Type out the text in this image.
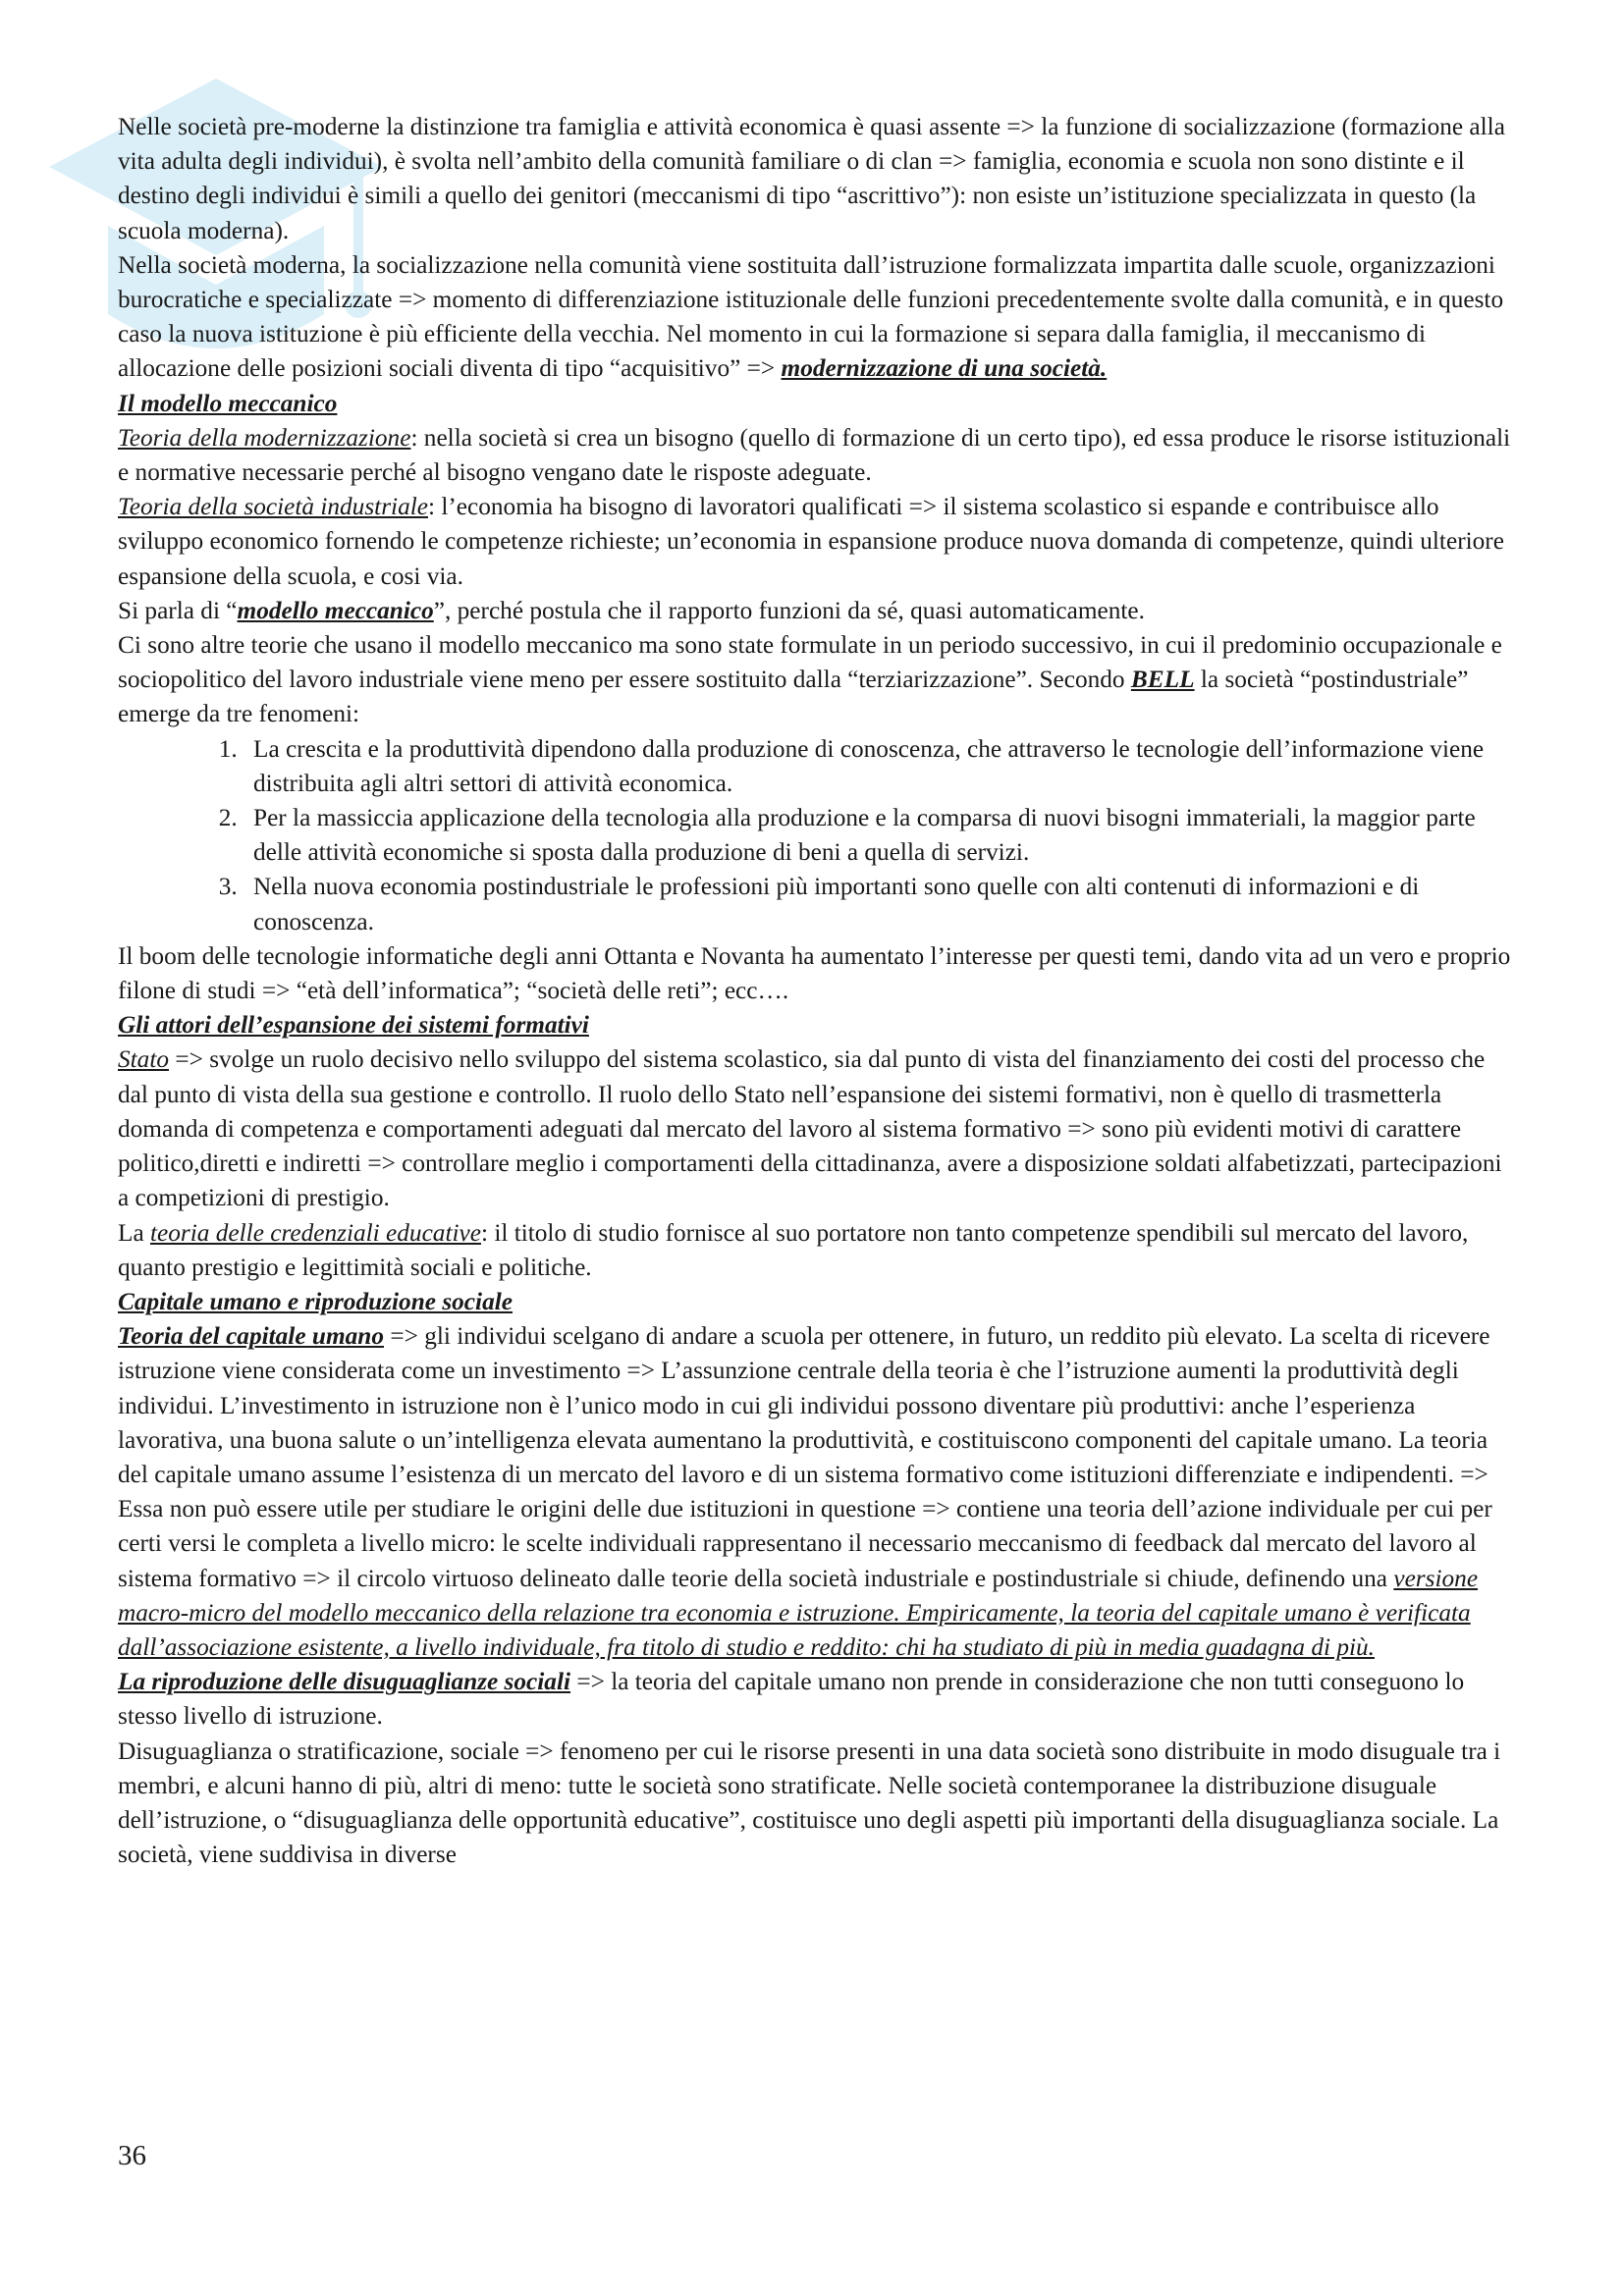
Nelle società pre-moderne la distinzione tra famiglia e attività economica è quasi assente => la funzione di socializzazione (formazione alla vita adulta degli individui), è svolta nell’ambito della comunità familiare o di clan => famiglia, economia e scuola non sono distinte e il destino degli individui è simili a quello dei genitori (meccanismi di tipo “ascrittivo”): non esiste un’istituzione specializzata in questo (la scuola moderna).

Nella società moderna, la socializzazione nella comunità viene sostituita dall’istruzione formalizzata impartita dalle scuole, organizzazioni burocratiche e specializzate => momento di differenziazione istituzionale delle funzioni precedentemente svolte dalla comunità, e in questo caso la nuova istituzione è più efficiente della vecchia. Nel momento in cui la formazione si separa dalla famiglia, il meccanismo di allocazione delle posizioni sociali diventa di tipo “acquisitivo” => modernizzazione di una società.

Il modello meccanico

Teoria della modernizzazione: nella società si crea un bisogno (quello di formazione di un certo tipo), ed essa produce le risorse istituzionali e normative necessarie perché al bisogno vengano date le risposte adeguate.

Teoria della società industriale: l’economia ha bisogno di lavoratori qualificati => il sistema scolastico si espande e contribuisce allo sviluppo economico fornendo le competenze richieste; un’economia in espansione produce nuova domanda di competenze, quindi ulteriore espansione della scuola, e cosi via.

Si parla di “modello meccanico”, perché postula che il rapporto funzioni da sé, quasi automaticamente.

Ci sono altre teorie che usano il modello meccanico ma sono state formulate in un periodo successivo, in cui il predominio occupazionale e sociopolitico del lavoro industriale viene meno per essere sostituito dalla “terziarizzazione”. Secondo BELL la società “postindustriale” emerge da tre fenomeni:

1. La crescita e la produttività dipendono dalla produzione di conoscenza, che attraverso le tecnologie dell’informazione viene distribuita agli altri settori di attività economica.
2. Per la massiccia applicazione della tecnologia alla produzione e la comparsa di nuovi bisogni immateriali, la maggior parte delle attività economiche si sposta dalla produzione di beni a quella di servizi.
3. Nella nuova economia postindustriale le professioni più importanti sono quelle con alti contenuti di informazioni e di conoscenza.

Il boom delle tecnologie informatiche degli anni Ottanta e Novanta ha aumentato l’interesse per questi temi, dando vita ad un vero e proprio filone di studi => “età dell’informatica”; “società delle reti”; ecc….

Gli attori dell’espansione dei sistemi formativi

Stato => svolge un ruolo decisivo nello sviluppo del sistema scolastico, sia dal punto di vista del finanziamento dei costi del processo che dal punto di vista della sua gestione e controllo. Il ruolo dello Stato nell’espansione dei sistemi formativi, non è quello di trasmetterla domanda di competenza e comportamenti adeguati dal mercato del lavoro al sistema formativo => sono più evidenti motivi di carattere politico,diretti e indiretti => controllare meglio i comportamenti della cittadinanza, avere a disposizione soldati alfabetizzati, partecipazioni a competizioni di prestigio.

La teoria delle credenziali educative: il titolo di studio fornisce al suo portatore non tanto competenze spendibili sul mercato del lavoro, quanto prestigio e legittimità sociali e politiche.

Capitale umano e riproduzione sociale

Teoria del capitale umano => gli individui scelgano di andare a scuola per ottenere, in futuro, un reddito più elevato. La scelta di ricevere istruzione viene considerata come un investimento => L’assunzione centrale della teoria è che l’istruzione aumenti la produttività degli individui. L’investimento in istruzione non è l’unico modo in cui gli individui possono diventare più produttivi: anche l’esperienza lavorativa, una buona salute o un’intelligenza elevata aumentano la produttività, e costituiscono componenti del capitale umano. La teoria del capitale umano assume l’esistenza di un mercato del lavoro e di un sistema formativo come istituzioni differenziate e indipendenti. => Essa non può essere utile per studiare le origini delle due istituzioni in questione => contiene una teoria dell’azione individuale per cui per certi versi le completa a livello micro: le scelte individuali rappresentano il necessario meccanismo di feedback dal mercato del lavoro al sistema formativo => il circolo virtuoso delineato dalle teorie della società industriale e postindustriale si chiude, definendo una versione macro-micro del modello meccanico della relazione tra economia e istruzione. Empiricamente, la teoria del capitale umano è verificata dall’associazione esistente, a livello individuale, fra titolo di studio e reddito: chi ha studiato di più in media guadagna di più.

La riproduzione delle disuguaglianze sociali => la teoria del capitale umano non prende in considerazione che non tutti conseguono lo stesso livello di istruzione.

Disuguaglianza o stratificazione, sociale => fenomeno per cui le risorse presenti in una data società sono distribuite in modo disuguale tra i membri, e alcuni hanno di più, altri di meno: tutte le società sono stratificate. Nelle società contemporanee la distribuzione disuguale dell’istruzione, o “disuguaglianza delle opportunità educative”, costituisce uno degli aspetti più importanti della disuguaglianza sociale. La società, viene suddivisa in diverse

36
